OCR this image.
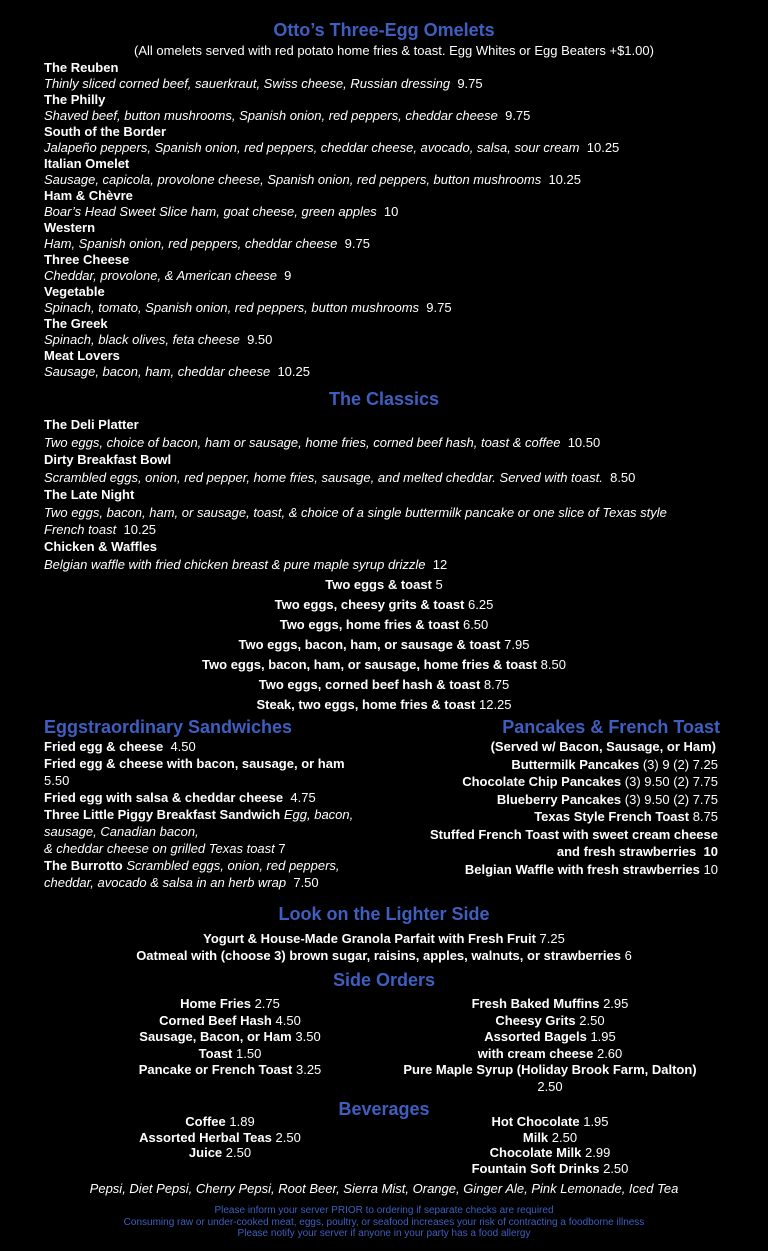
Otto’s Three-Egg Omelets
(All omelets served with red potato home fries & toast. Egg Whites or Egg Beaters +$1.00)
The Reuben
Thinly sliced corned beef, sauerkraut, Swiss cheese, Russian dressing 9.75
The Philly
Shaved beef, button mushrooms, Spanish onion, red peppers, cheddar cheese 9.75
South of the Border
Jalapeño peppers, Spanish onion, red peppers, cheddar cheese, avocado, salsa, sour cream 10.25
Italian Omelet
Sausage, capicola, provolone cheese, Spanish onion, red peppers, button mushrooms 10.25
Ham & Chèvre
Boar’s Head Sweet Slice ham, goat cheese, green apples 10
Western
Ham, Spanish onion, red peppers, cheddar cheese 9.75
Three Cheese
Cheddar, provolone, & American cheese 9
Vegetable
Spinach, tomato, Spanish onion, red peppers, button mushrooms 9.75
The Greek
Spinach, black olives, feta cheese 9.50
Meat Lovers
Sausage, bacon, ham, cheddar cheese 10.25
The Classics
The Deli Platter
Two eggs, choice of bacon, ham or sausage, home fries, corned beef hash, toast & coffee 10.50
Dirty Breakfast Bowl
Scrambled eggs, onion, red pepper, home fries, sausage, and melted cheddar. Served with toast. 8.50
The Late Night
Two eggs, bacon, ham, or sausage, toast, & choice of a single buttermilk pancake or one slice of Texas style French toast 10.25
Chicken & Waffles
Belgian waffle with fried chicken breast & pure maple syrup drizzle 12
Two eggs & toast 5
Two eggs, cheesy grits & toast 6.25
Two eggs, home fries & toast 6.50
Two eggs, bacon, ham, or sausage & toast 7.95
Two eggs, bacon, ham, or sausage, home fries & toast 8.50
Two eggs, corned beef hash & toast 8.75
Steak, two eggs, home fries & toast 12.25
Eggstraordinary Sandwiches
Fried egg & cheese 4.50
Fried egg & cheese with bacon, sausage, or ham
5.50
Fried egg with salsa & cheddar cheese 4.75
Three Little Piggy Breakfast Sandwich Egg, bacon,
sausage, Canadian bacon,
& cheddar cheese on grilled Texas toast 7
The Burrotto Scrambled eggs, onion, red peppers,
cheddar, avocado & salsa in an herb wrap 7.50
Pancakes & French Toast
(Served w/ Bacon, Sausage, or Ham)
Buttermilk Pancakes (3) 9 (2) 7.25
Chocolate Chip Pancakes (3) 9.50 (2) 7.75
Blueberry Pancakes (3) 9.50 (2) 7.75
Texas Style French Toast 8.75
Stuffed French Toast with sweet cream cheese
and fresh strawberries 10
Belgian Waffle with fresh strawberries 10
Look on the Lighter Side
Yogurt & House-Made Granola Parfait with Fresh Fruit 7.25
Oatmeal with (choose 3) brown sugar, raisins, apples, walnuts, or strawberries 6
Side Orders
Home Fries 2.75
Corned Beef Hash 4.50
Sausage, Bacon, or Ham 3.50
Toast 1.50
Pancake or French Toast 3.25
Fresh Baked Muffins 2.95
Cheesy Grits 2.50
Assorted Bagels 1.95
with cream cheese 2.60
Pure Maple Syrup (Holiday Brook Farm, Dalton)
2.50
Beverages
Coffee 1.89
Assorted Herbal Teas 2.50
Juice 2.50
Hot Chocolate 1.95
Milk 2.50
Chocolate Milk 2.99
Fountain Soft Drinks 2.50
Pepsi, Diet Pepsi, Cherry Pepsi, Root Beer, Sierra Mist, Orange, Ginger Ale, Pink Lemonade, Iced Tea
Please inform your server PRIOR to ordering if separate checks are required
Consuming raw or under-cooked meat, eggs, poultry, or seafood increases your risk of contracting a foodborne illness
Please notify your server if anyone in your party has a food allergy
